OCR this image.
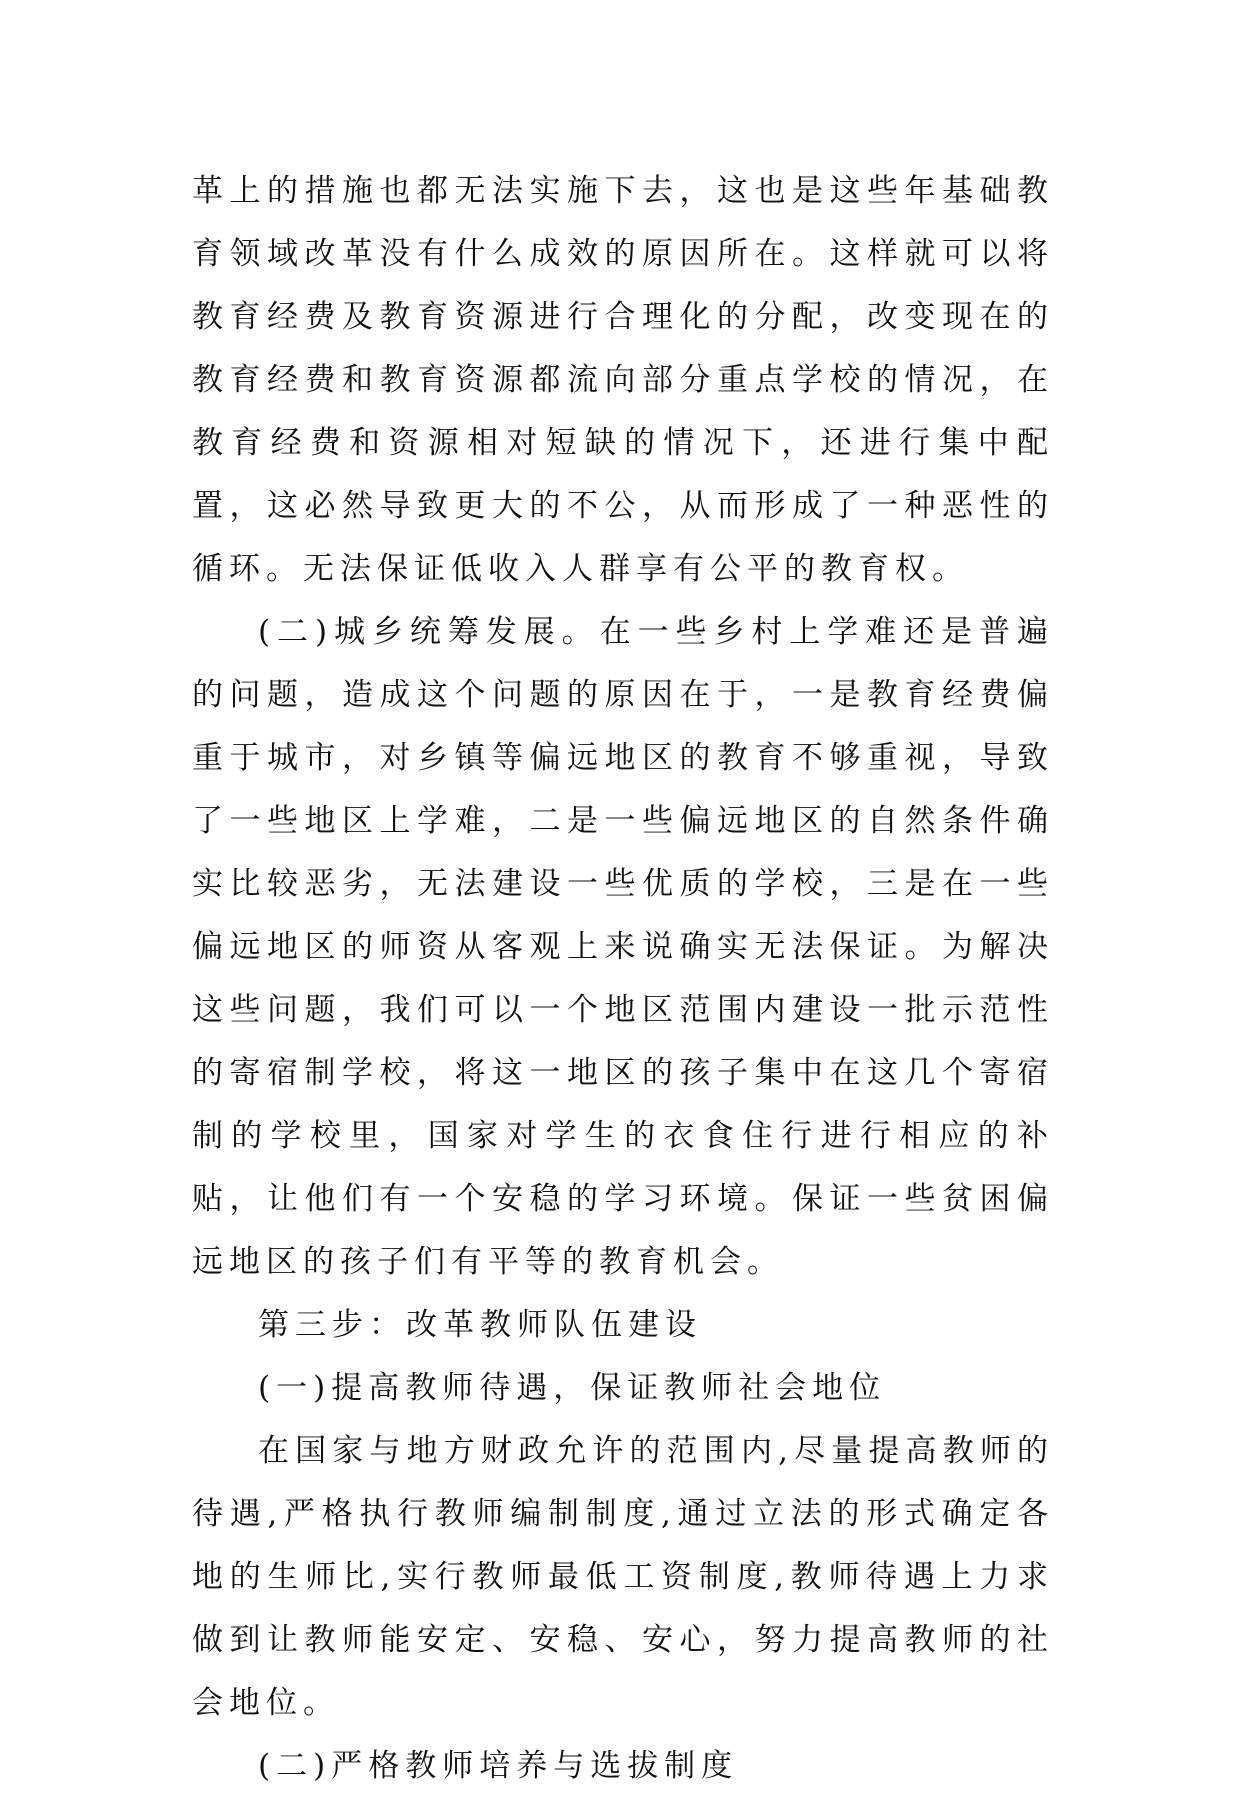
革上的措施也都无法实施下去，这也是这些年基础教育领域改革没有什么成效的原因所在。这样就可以将教育经费及教育资源进行合理化的分配，改变现在的教育经费和教育资源都流向部分重点学校的情况，在教育经费和资源相对短缺的情况下，还进行集中配置，这必然导致更大的不公，从而形成了一种恶性的循环。无法保证低收入人群享有公平的教育权。

(二)城乡统筹发展。在一些乡村上学难还是普遍的问题，造成这个问题的原因在于，一是教育经费偏重于城市，对乡镇等偏远地区的教育不够重视，导致了一些地区上学难，二是一些偏远地区的自然条件确实比较恶劣，无法建设一些优质的学校，三是在一些偏远地区的师资从客观上来说确实无法保证。为解决这些问题，我们可以一个地区范围内建设一批示范性的寄宿制学校，将这一地区的孩子集中在这几个寄宿制的学校里，国家对学生的衣食住行进行相应的补贴，让他们有一个安稳的学习环境。保证一些贫困偏远地区的孩子们有平等的教育机会。

第三步：改革教师队伍建设

(一)提高教师待遇，保证教师社会地位

在国家与地方财政允许的范围内,尽量提高教师的待遇,严格执行教师编制制度,通过立法的形式确定各地的生师比,实行教师最低工资制度,教师待遇上力求做到让教师能安定、安稳、安心，努力提高教师的社会地位。

(二)严格教师培养与选拔制度
